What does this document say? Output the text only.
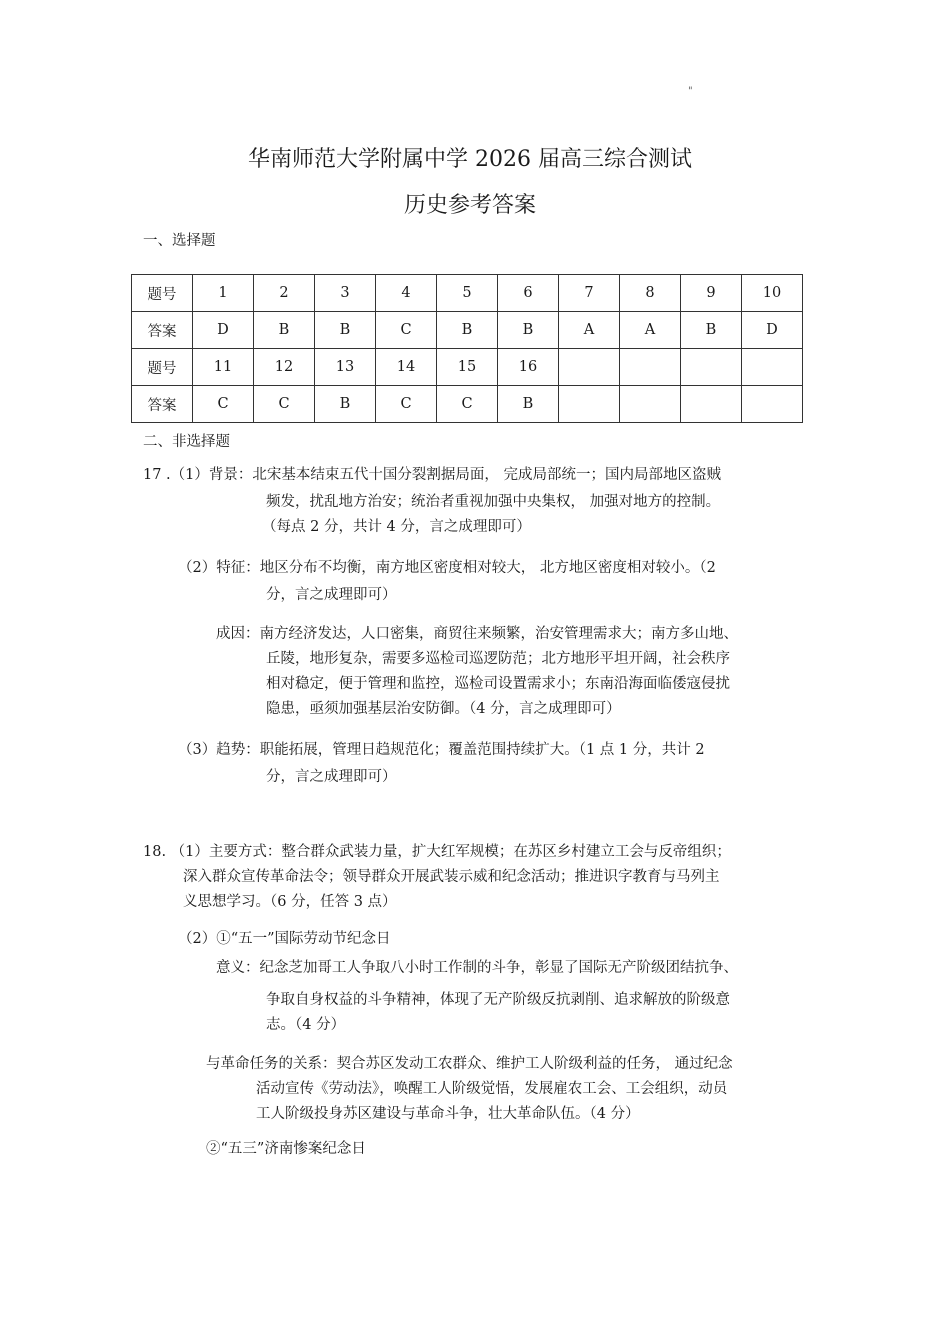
"
华南师范大学附属中学 2026 届高三综合测试
历史参考答案
一、选择题
题号	1	2	3	4	5	6	7	8	9	10
答案	D	B	B	C	B	B	A	A	B	D
题号	11	12	13	14	15	16				
答案	C	C	B	C	C	B				
二、非选择题
17 .（1）背景：北宋基本结束五代十国分裂割据局面， 完成局部统一；国内局部地区盗贼
频发，扰乱地方治安；统治者重视加强中央集权， 加强对地方的控制。
（每点 2 分，共计 4 分，言之成理即可）
（2）特征：地区分布不均衡，南方地区密度相对较大， 北方地区密度相对较小。（2
分，言之成理即可）
成因：南方经济发达，人口密集，商贸往来频繁，治安管理需求大；南方多山地、
丘陵，地形复杂，需要多巡检司巡逻防范；北方地形平坦开阔，社会秩序
相对稳定，便于管理和监控，巡检司设置需求小；东南沿海面临倭寇侵扰
隐患，亟须加强基层治安防御。（4 分，言之成理即可）
（3）趋势：职能拓展，管理日趋规范化；覆盖范围持续扩大。（1 点 1 分，共计 2
分，言之成理即可）
18. （1）主要方式：整合群众武装力量，扩大红军规模；在苏区乡村建立工会与反帝组织；
深入群众宣传革命法令；领导群众开展武装示威和纪念活动；推进识字教育与马列主
义思想学习。（6 分，任答 3 点）
（2）①“五一”国际劳动节纪念日
意义：纪念芝加哥工人争取八小时工作制的斗争，彰显了国际无产阶级团结抗争、
争取自身权益的斗争精神，体现了无产阶级反抗剥削、追求解放的阶级意
志。（4 分）
与革命任务的关系：契合苏区发动工农群众、维护工人阶级利益的任务， 通过纪念
活动宣传《劳动法》，唤醒工人阶级觉悟，发展雇农工会、工会组织，动员
工人阶级投身苏区建设与革命斗争，壮大革命队伍。（4 分）
②“五三”济南惨案纪念日
